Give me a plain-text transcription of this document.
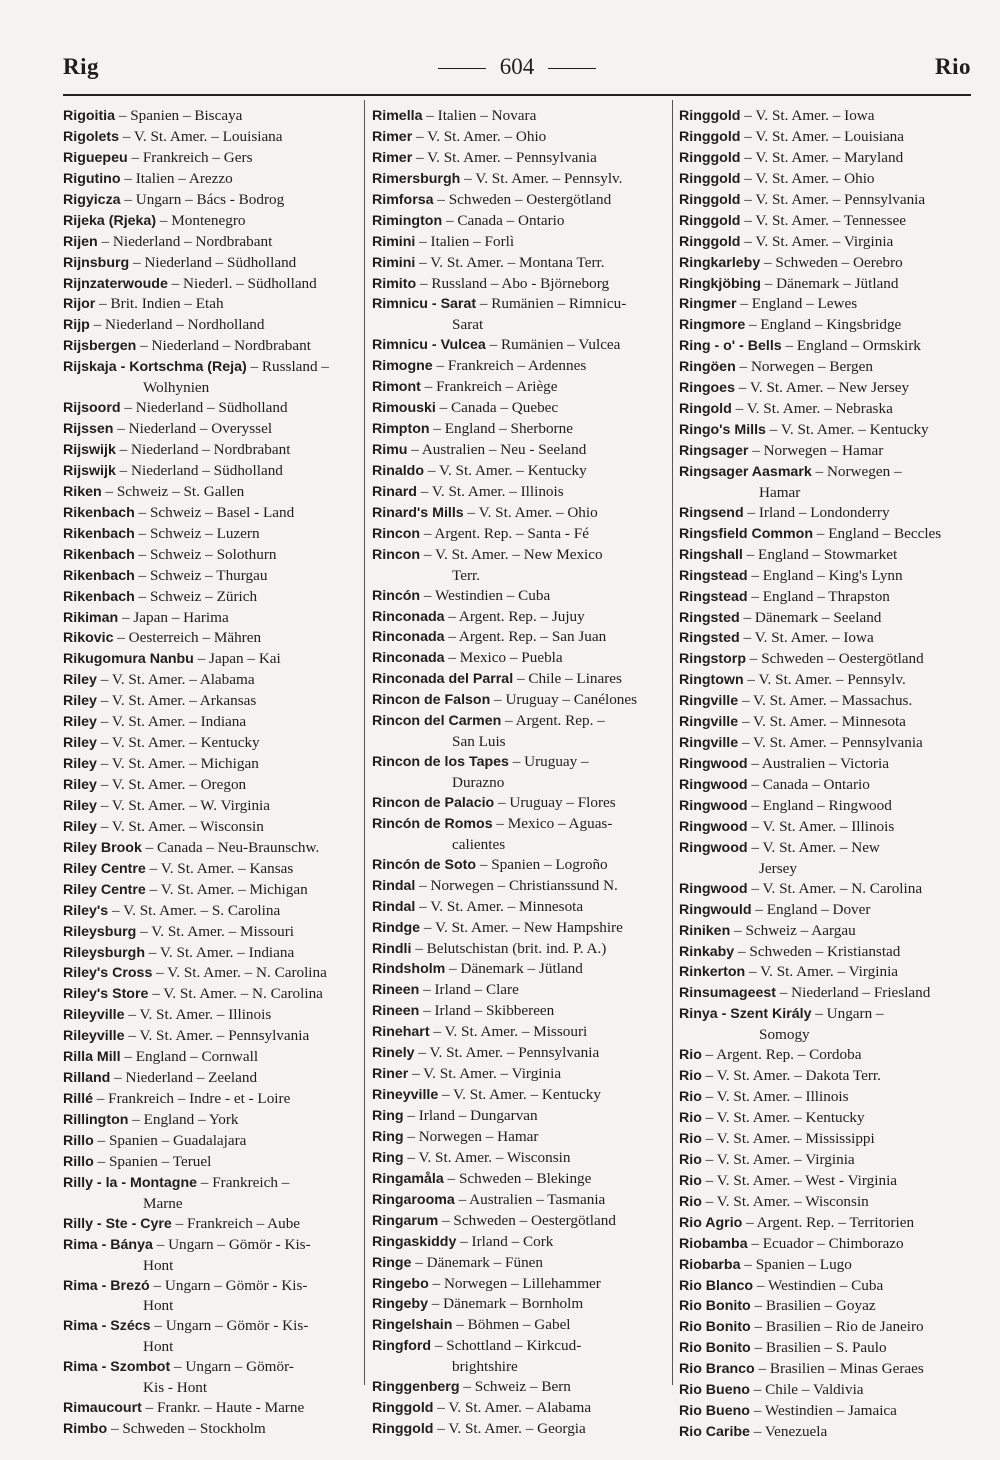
Rig	604	Rio
Rigoitia – Spanien – Biscaya
Rigolets – V. St. Amer. – Louisiana
Riguepeu – Frankreich – Gers
Rigutino – Italien – Arezzo
Rigyicza – Ungarn – Bács - Bodrog
Rijeka (Rjeka) – Montenegro
Rijen – Niederland – Nordbrabant
Rijnsburg – Niederland – Südholland
Rijnzaterwoude – Niederl. – Südholland
Rijor – Brit. Indien – Etah
Rijp – Niederland – Nordholland
Rijsbergen – Niederland – Nordbrabant
Rijskaja - Kortschma (Reja) – Russland –
Wolhynien
Rijsoord – Niederland – Südholland
Rijssen – Niederland – Overyssel
Rijswijk – Niederland – Nordbrabant
Rijswijk – Niederland – Südholland
Riken – Schweiz – St. Gallen
Rikenbach – Schweiz – Basel - Land
Rikenbach – Schweiz – Luzern
Rikenbach – Schweiz – Solothurn
Rikenbach – Schweiz – Thurgau
Rikenbach – Schweiz – Zürich
Rikiman – Japan – Harima
Rikovic – Oesterreich – Mähren
Rikugomura Nanbu – Japan – Kai
Riley – V. St. Amer. – Alabama
Riley – V. St. Amer. – Arkansas
Riley – V. St. Amer. – Indiana
Riley – V. St. Amer. – Kentucky
Riley – V. St. Amer. – Michigan
Riley – V. St. Amer. – Oregon
Riley – V. St. Amer. – W. Virginia
Riley – V. St. Amer. – Wisconsin
Riley Brook – Canada – Neu-Braunschw.
Riley Centre – V. St. Amer. – Kansas
Riley Centre – V. St. Amer. – Michigan
Riley's – V. St. Amer. – S. Carolina
Rileysburg – V. St. Amer. – Missouri
Rileysburgh – V. St. Amer. – Indiana
Riley's Cross – V. St. Amer. – N. Carolina
Riley's Store – V. St. Amer. – N. Carolina
Rileyville – V. St. Amer. – Illinois
Rileyville – V. St. Amer. – Pennsylvania
Rilla Mill – England – Cornwall
Rilland – Niederland – Zeeland
Rillé – Frankreich – Indre - et - Loire
Rillington – England – York
Rillo – Spanien – Guadalajara
Rillo – Spanien – Teruel
Rilly - la - Montagne – Frankreich –
Marne
Rilly - Ste - Cyre – Frankreich – Aube
Rima - Bánya – Ungarn – Gömör - Kis-
Hont
Rima - Brezó – Ungarn – Gömör - Kis-
Hont
Rima - Szécs – Ungarn – Gömör - Kis-
Hont
Rima - Szombot – Ungarn – Gömör-
Kis - Hont
Rimaucourt – Frankr. – Haute - Marne
Rimbo – Schweden – Stockholm
Rimella – Italien – Novara
Rimer – V. St. Amer. – Ohio
Rimer – V. St. Amer. – Pennsylvania
Rimersburgh – V. St. Amer. – Pennsylv.
Rimforsa – Schweden – Oestergötland
Rimington – Canada – Ontario
Rimini – Italien – Forlì
Rimini – V. St. Amer. – Montana Terr.
Rimito – Russland – Abo - Björneborg
Rimnicu - Sarat – Rumänien – Rimnicu-
Sarat
Rimnicu - Vulcea – Rumänien – Vulcea
Rimogne – Frankreich – Ardennes
Rimont – Frankreich – Ariège
Rimouski – Canada – Quebec
Rimpton – England – Sherborne
Rimu – Australien – Neu - Seeland
Rinaldo – V. St. Amer. – Kentucky
Rinard – V. St. Amer. – Illinois
Rinard's Mills – V. St. Amer. – Ohio
Rincon – Argent. Rep. – Santa - Fé
Rincon – V. St. Amer. – New Mexico
Terr.
Rincón – Westindien – Cuba
Rinconada – Argent. Rep. – Jujuy
Rinconada – Argent. Rep. – San Juan
Rinconada – Mexico – Puebla
Rinconada del Parral – Chile – Linares
Rincon de Falson – Uruguay – Canélones
Rincon del Carmen – Argent. Rep. –
San Luis
Rincon de los Tapes – Uruguay –
Durazno
Rincon de Palacio – Uruguay – Flores
Rincón de Romos – Mexico – Aguas-
calientes
Rincón de Soto – Spanien – Logroño
Rindal – Norwegen – Christianssund N.
Rindal – V. St. Amer. – Minnesota
Rindge – V. St. Amer. – New Hampshire
Rindli – Belutschistan (brit. ind. P. A.)
Rindsholm – Dänemark – Jütland
Rineen – Irland – Clare
Rineen – Irland – Skibbereen
Rinehart – V. St. Amer. – Missouri
Rinely – V. St. Amer. – Pennsylvania
Riner – V. St. Amer. – Virginia
Rineyville – V. St. Amer. – Kentucky
Ring – Irland – Dungarvan
Ring – Norwegen – Hamar
Ring – V. St. Amer. – Wisconsin
Ringamåla – Schweden – Blekinge
Ringarooma – Australien – Tasmania
Ringarum – Schweden – Oestergötland
Ringaskiddy – Irland – Cork
Ringe – Dänemark – Fünen
Ringebo – Norwegen – Lillehammer
Ringeby – Dänemark – Bornholm
Ringelshain – Böhmen – Gabel
Ringford – Schottland – Kirkcud-
brightshire
Ringgenberg – Schweiz – Bern
Ringgold – V. St. Amer. – Alabama
Ringgold – V. St. Amer. – Georgia
Ringgold – V. St. Amer. – Iowa
Ringgold – V. St. Amer. – Louisiana
Ringgold – V. St. Amer. – Maryland
Ringgold – V. St. Amer. – Ohio
Ringgold – V. St. Amer. – Pennsylvania
Ringgold – V. St. Amer. – Tennessee
Ringgold – V. St. Amer. – Virginia
Ringkarleby – Schweden – Oerebro
Ringkjöbing – Dänemark – Jütland
Ringmer – England – Lewes
Ringmore – England – Kingsbridge
Ring - o' - Bells – England – Ormskirk
Ringöen – Norwegen – Bergen
Ringoes – V. St. Amer. – New Jersey
Ringold – V. St. Amer. – Nebraska
Ringo's Mills – V. St. Amer. – Kentucky
Ringsager – Norwegen – Hamar
Ringsager Aasmark – Norwegen –
Hamar
Ringsend – Irland – Londonderry
Ringsfield Common – England – Beccles
Ringshall – England – Stowmarket
Ringstead – England – King's Lynn
Ringstead – England – Thrapston
Ringsted – Dänemark – Seeland
Ringsted – V. St. Amer. – Iowa
Ringstorp – Schweden – Oestergötland
Ringtown – V. St. Amer. – Pennsylv.
Ringville – V. St. Amer. – Massachus.
Ringville – V. St. Amer. – Minnesota
Ringville – V. St. Amer. – Pennsylvania
Ringwood – Australien – Victoria
Ringwood – Canada – Ontario
Ringwood – England – Ringwood
Ringwood – V. St. Amer. – Illinois
Ringwood – V. St. Amer. – New
Jersey
Ringwood – V. St. Amer. – N. Carolina
Ringwould – England – Dover
Riniken – Schweiz – Aargau
Rinkaby – Schweden – Kristianstad
Rinkerton – V. St. Amer. – Virginia
Rinsumageest – Niederland – Friesland
Rinya - Szent Király – Ungarn –
Somogy
Rio – Argent. Rep. – Cordoba
Rio – V. St. Amer. – Dakota Terr.
Rio – V. St. Amer. – Illinois
Rio – V. St. Amer. – Kentucky
Rio – V. St. Amer. – Mississippi
Rio – V. St. Amer. – Virginia
Rio – V. St. Amer. – West - Virginia
Rio – V. St. Amer. – Wisconsin
Rio Agrio – Argent. Rep. – Territorien
Riobamba – Ecuador – Chimborazo
Riobarba – Spanien – Lugo
Rio Blanco – Westindien – Cuba
Rio Bonito – Brasilien – Goyaz
Rio Bonito – Brasilien – Rio de Janeiro
Rio Bonito – Brasilien – S. Paulo
Rio Branco – Brasilien – Minas Geraes
Rio Bueno – Chile – Valdivia
Rio Bueno – Westindien – Jamaica
Rio Caribe – Venezuela
